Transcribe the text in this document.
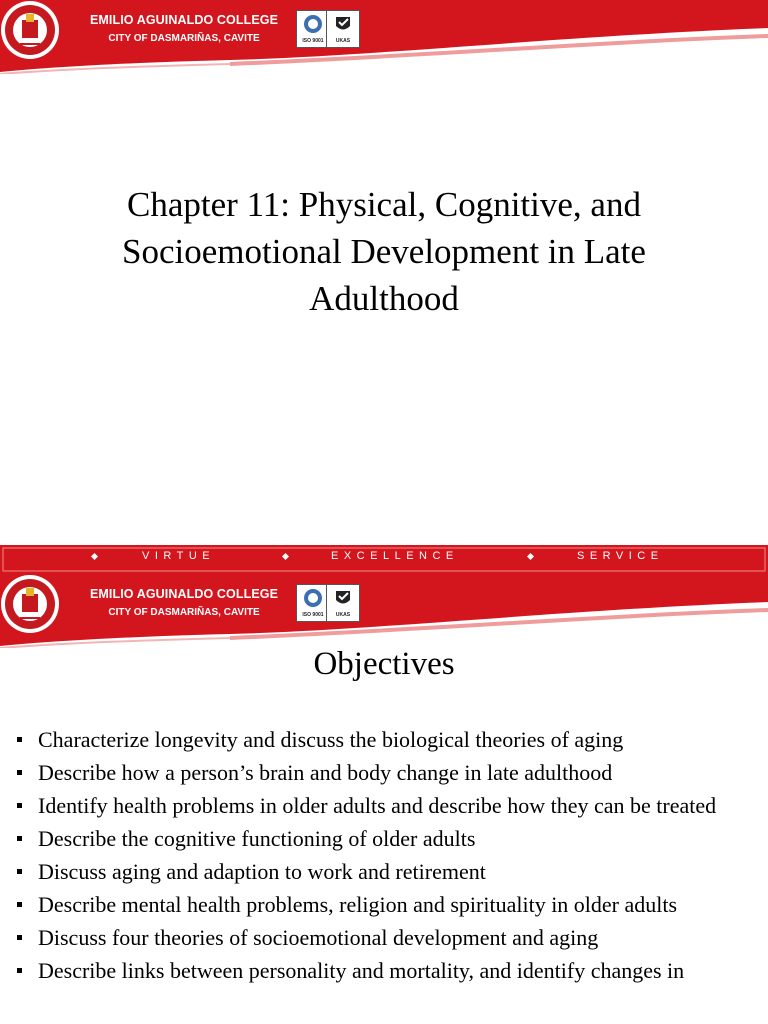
EMILIO AGUINALDO COLLEGE
CITY OF DASMARIÑAS, CAVITE	ISO 9001	UKAS
Chapter 11: Physical, Cognitive, and Socioemotional Development in Late Adulthood
VIRTUE	EXCELLENCE	SERVICE
EMILIO AGUINALDO COLLEGE
CITY OF DASMARIÑAS, CAVITE	ISO 9001	UKAS
Objectives
Characterize longevity and discuss the biological theories of aging
Describe how a person’s brain and body change in late adulthood
Identify health problems in older adults and describe how they can be treated
Describe the cognitive functioning of older adults
Discuss aging and adaption to work and retirement
Describe mental health problems, religion and spirituality in older adults
Discuss four theories of socioemotional development and aging
Describe links between personality and mortality, and identify changes in
